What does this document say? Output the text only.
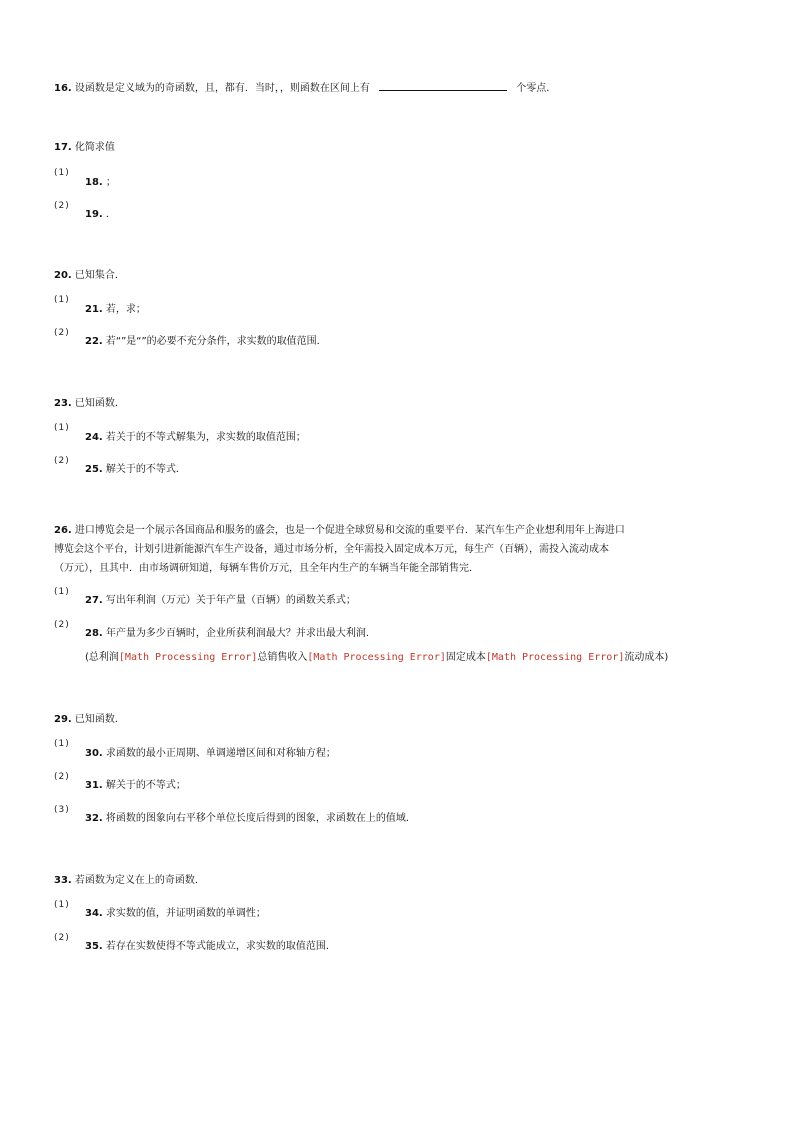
16. 设函数是定义域为的奇函数，且，都有．当时，，则函数在区间上有	个零点．
17. 化简求值
(1)
18. ；
(2)
19. ．
20. 已知集合．
(1)
21. 若，求；
(2)
22. 若“”是“”的必要不充分条件，求实数的取值范围．
23. 已知函数．
(1)
24. 若关于的不等式解集为，求实数的取值范围；
(2)
25. 解关于的不等式．
26. 进口博览会是一个展示各国商品和服务的盛会，也是一个促进全球贸易和交流的重要平台．某汽车生产企业想利用年上海进口
博览会这个平台，计划引进新能源汽车生产设备，通过市场分析，全年需投入固定成本万元，每生产（百辆），需投入流动成本
（万元），且其中．由市场调研知道，每辆车售价万元，且全年内生产的车辆当年能全部销售完．
(1)
27. 写出年利润（万元）关于年产量（百辆）的函数关系式；
(2)
28. 年产量为多少百辆时，企业所获利润最大？并求出最大利润．
(总利润[Math Processing Error]总销售收入[Math Processing Error]固定成本[Math Processing Error]流动成本)
29. 已知函数．
(1)
30. 求函数的最小正周期、单调递增区间和对称轴方程；
(2)
31. 解关于的不等式；
(3)
32. 将函数的图象向右平移个单位长度后得到的图象，求函数在上的值域．
33. 若函数为定义在上的奇函数．
(1)
34. 求实数的值，并证明函数的单调性；
(2)
35. 若存在实数使得不等式能成立，求实数的取值范围．
